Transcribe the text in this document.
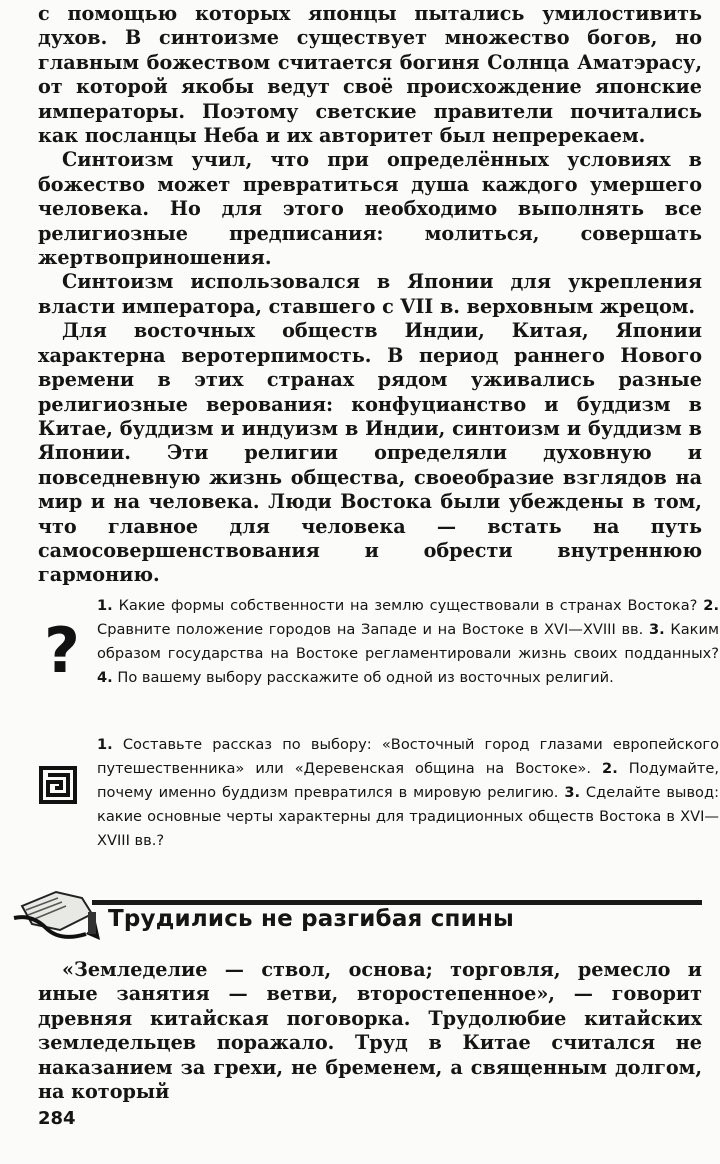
с помощью которых японцы пытались умилостивить духов. В синтоизме существует множество богов, но главным божеством считается богиня Солнца Аматэрасу, от которой якобы ведут своё происхождение японские императоры. Поэтому светские правители почитались как посланцы Неба и их авторитет был непререкаем.

Синтоизм учил, что при определённых условиях в божество может превратиться душа каждого умершего человека. Но для этого необходимо выполнять все религиозные предписания: молиться, совершать жертвоприношения.

Синтоизм использовался в Японии для укрепления власти императора, ставшего с VII в. верховным жрецом.

Для восточных обществ Индии, Китая, Японии характерна веротерпимость. В период раннего Нового времени в этих странах рядом уживались разные религиозные верования: конфуцианство и буддизм в Китае, буддизм и индуизм в Индии, синтоизм и буддизм в Японии. Эти религии определяли духовную и повседневную жизнь общества, своеобразие взглядов на мир и на человека. Люди Востока были убеждены в том, что главное для человека — встать на путь самосовершенствования и обрести внутреннюю гармонию.

?
1. Какие формы собственности на землю существовали в странах Востока? 2. Сравните положение городов на Западе и на Востоке в XVI—XVIII вв. 3. Каким образом государства на Востоке регламентировали жизнь своих подданных? 4. По вашему выбору расскажите об одной из восточных религий.
1. Составьте рассказ по выбору: «Восточный город глазами европейского путешественника» или «Деревенская община на Востоке». 2. Подумайте, почему именно буддизм превратился в мировую религию. 3. Сделайте вывод: какие основные черты характерны для традиционных обществ Востока в XVI—XVIII вв.?
Трудились не разгибая спины

«Земледелие — ствол, основа; торговля, ремесло и иные занятия — ветви, второстепенное», — говорит древняя китайская поговорка. Трудолюбие китайских земледельцев поражало. Труд в Китае считался не наказанием за грехи, не бременем, а священным долгом, на который

284
